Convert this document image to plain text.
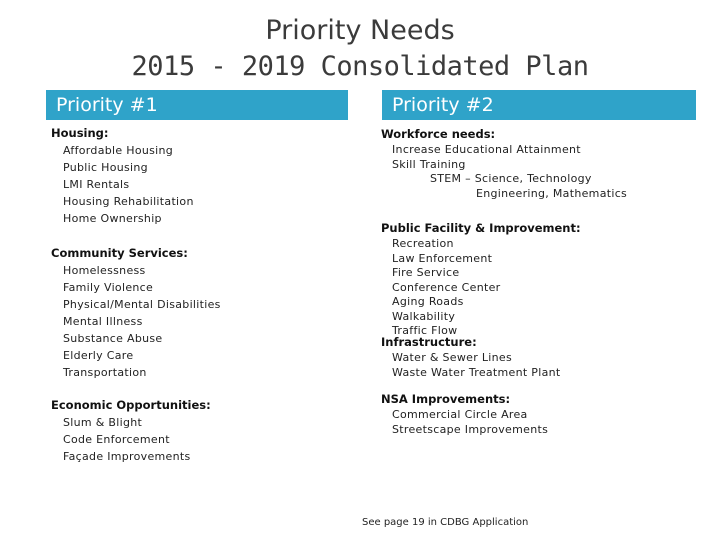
Priority Needs
2015 - 2019 Consolidated Plan
Priority #1	Priority #2
Housing:
Affordable Housing
Public Housing
LMI Rentals
Housing Rehabilitation
Home Ownership
Community Services:
Homelessness
Family Violence
Physical/Mental Disabilities
Mental Illness
Substance Abuse
Elderly Care
Transportation
Economic Opportunities:
Slum & Blight
Code Enforcement
Façade Improvements
Workforce needs:
Increase Educational Attainment
Skill Training
STEM – Science, Technology
Engineering, Mathematics
Public Facility & Improvement:
Recreation
Law Enforcement
Fire Service
Conference Center
Aging Roads
Walkability
Traffic Flow
Infrastructure:
Water & Sewer Lines
Waste Water Treatment Plant
NSA Improvements:
Commercial Circle Area
Streetscape Improvements
See page 19 in CDBG Application
